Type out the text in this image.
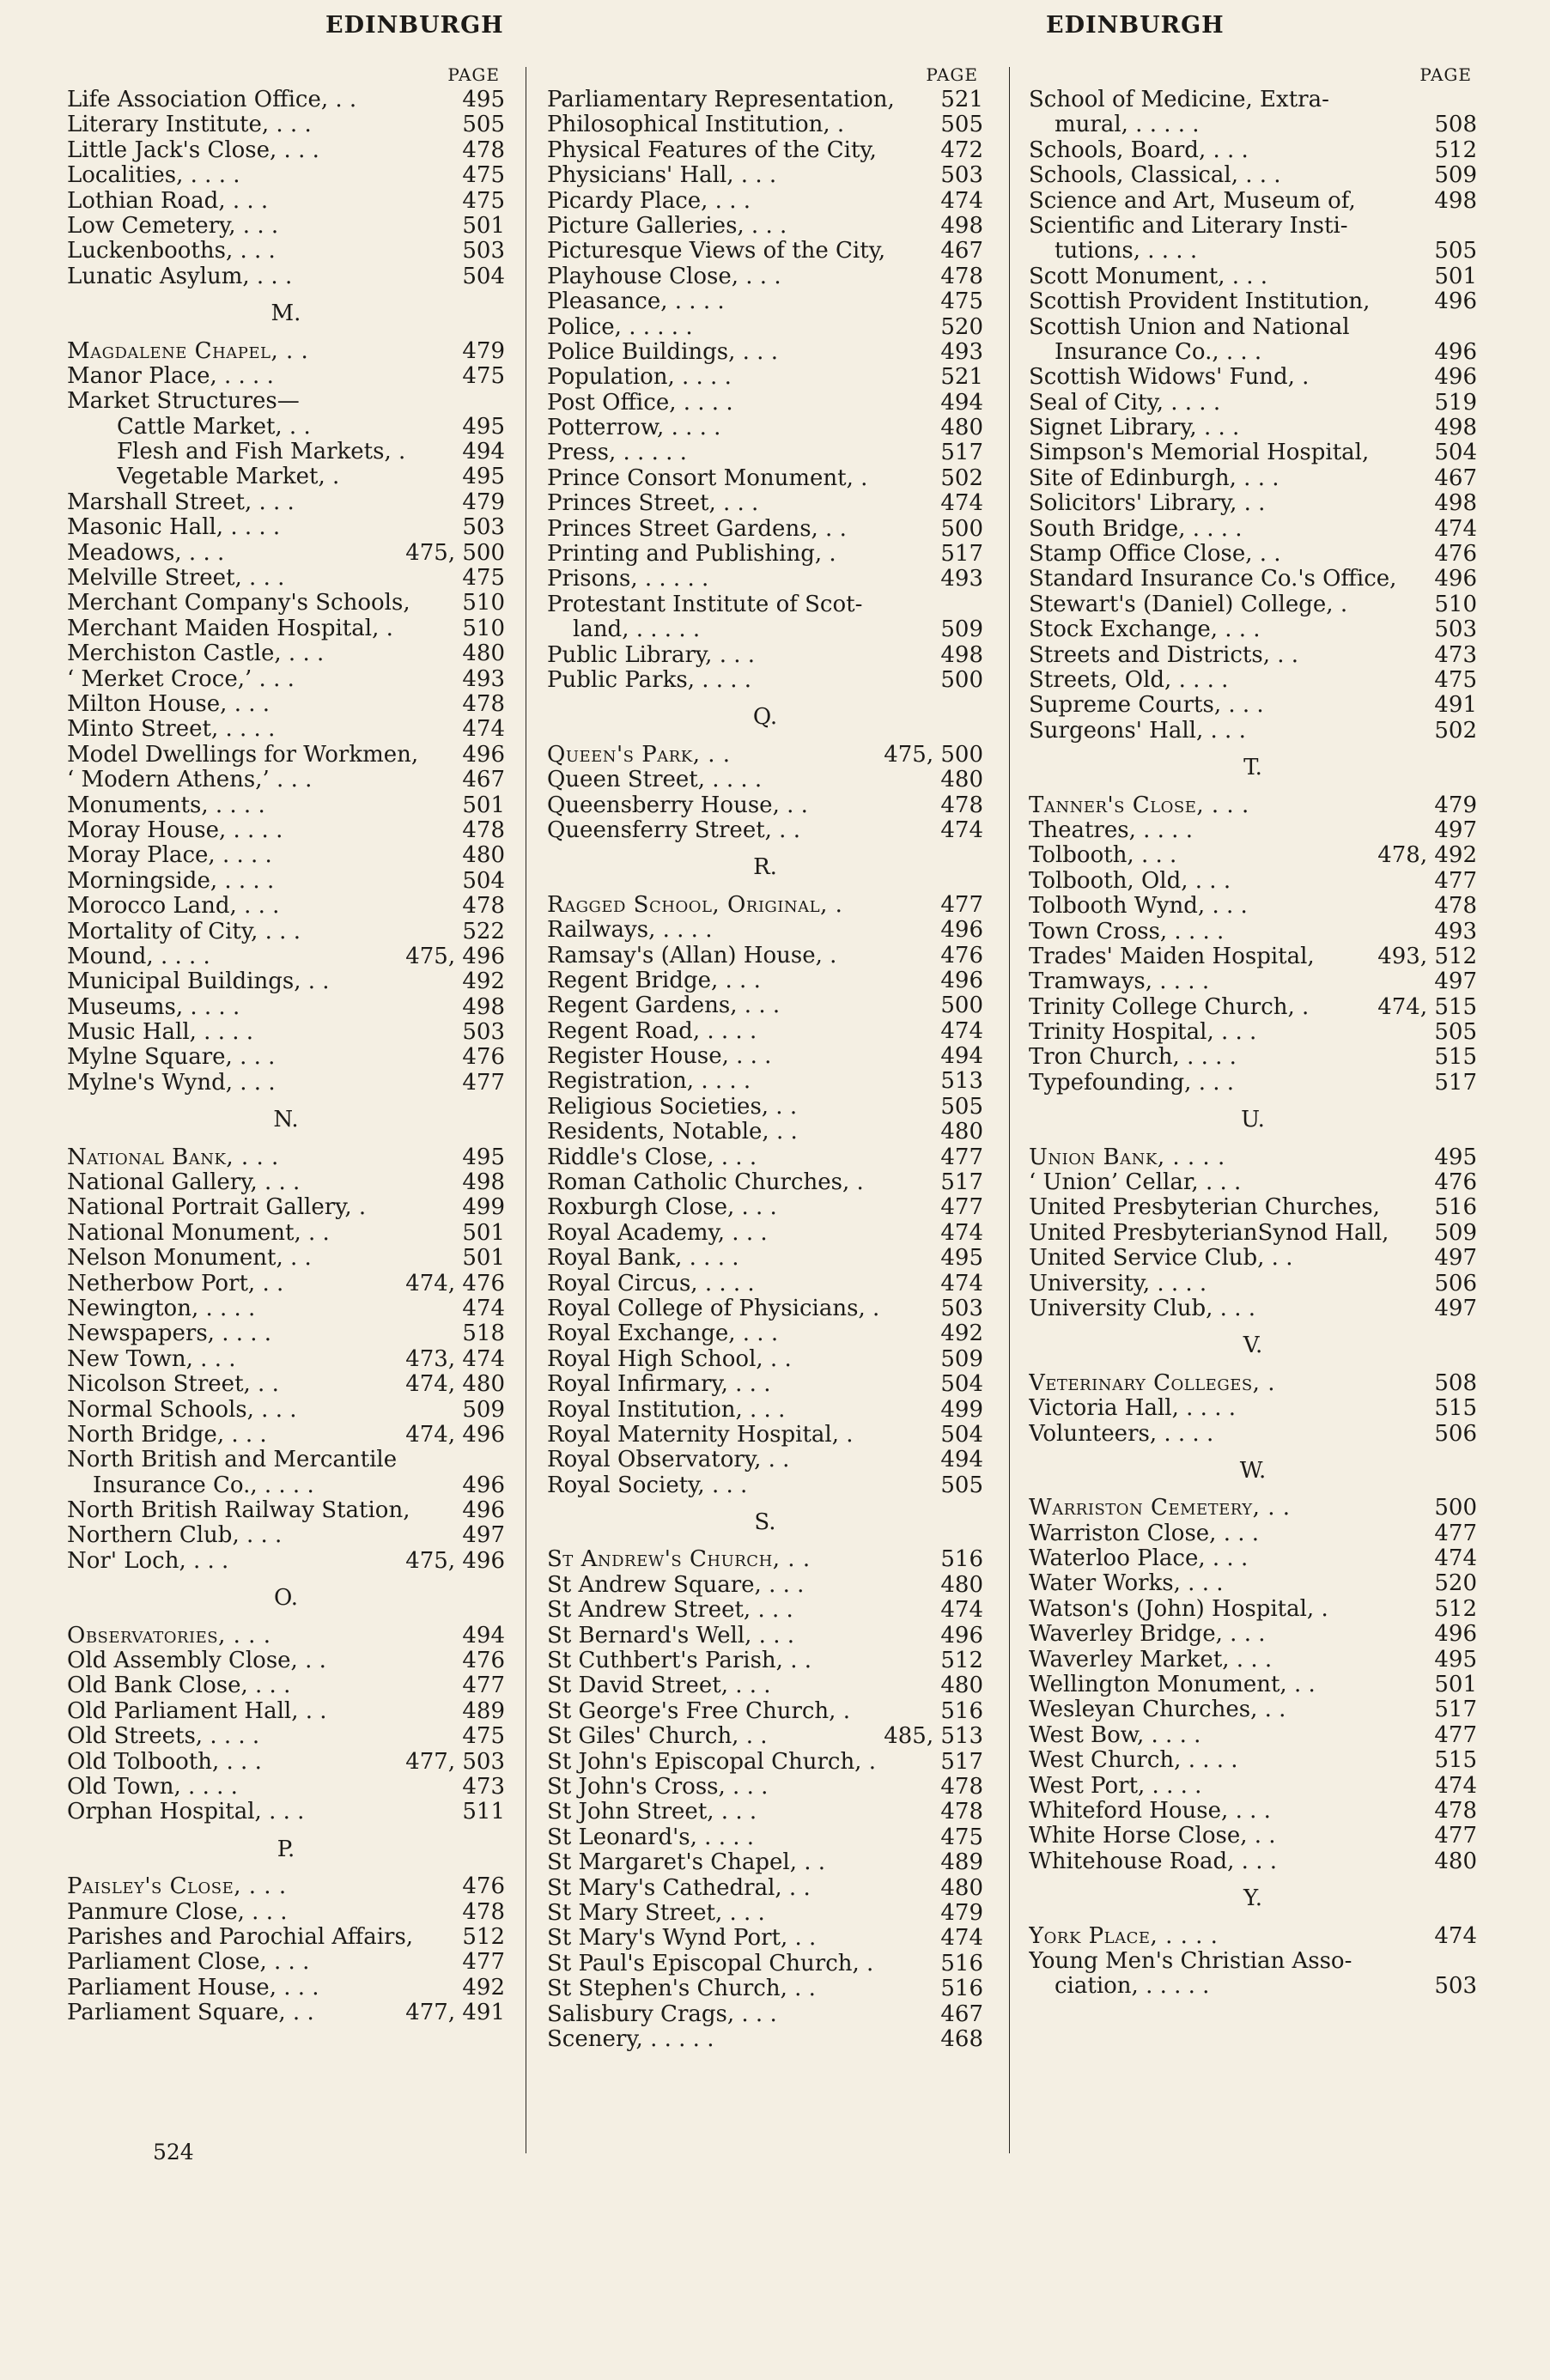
EDINBURGH	EDINBURGH
PAGE
Life Association Office, . .	495
Literary Institute, . . .	505
Little Jack's Close, . . .	478
Localities, . . . .	475
Lothian Road, . . .	475
Low Cemetery, . . .	501
Luckenbooths, . . .	503
Lunatic Asylum, . . .	504
M.
Magdalene Chapel, . .	479
Manor Place, . . . .	475
Market Structures—
Cattle Market, . .	495
Flesh and Fish Markets, .	494
Vegetable Market, .	495
Marshall Street, . . .	479
Masonic Hall, . . . .	503
Meadows, . . .	475, 500
Melville Street, . . .	475
Merchant Company's Schools,	510
Merchant Maiden Hospital, .	510
Merchiston Castle, . . .	480
‘ Merket Croce,’ . . .	493
Milton House, . . .	478
Minto Street, . . . .	474
Model Dwellings for Workmen,	496
‘ Modern Athens,’ . . .	467
Monuments, . . . .	501
Moray House, . . . .	478
Moray Place, . . . .	480
Morningside, . . . .	504
Morocco Land, . . .	478
Mortality of City, . . .	522
Mound, . . . .	475, 496
Municipal Buildings, . .	492
Museums, . . . .	498
Music Hall, . . . .	503
Mylne Square, . . .	476
Mylne's Wynd, . . .	477
N.
National Bank, . . .	495
National Gallery, . . .	498
National Portrait Gallery, .	499
National Monument, . .	501
Nelson Monument, . .	501
Netherbow Port, . .	474, 476
Newington, . . . .	474
Newspapers, . . . .	518
New Town, . . .	473, 474
Nicolson Street, . .	474, 480
Normal Schools, . . .	509
North Bridge, . . .	474, 496
North British and Mercantile
Insurance Co., . . . .	496
North British Railway Station,	496
Northern Club, . . .	497
Nor' Loch, . . .	475, 496
O.
Observatories, . . .	494
Old Assembly Close, . .	476
Old Bank Close, . . .	477
Old Parliament Hall, . .	489
Old Streets, . . . .	475
Old Tolbooth, . . .	477, 503
Old Town, . . . .	473
Orphan Hospital, . . .	511
P.
Paisley's Close, . . .	476
Panmure Close, . . .	478
Parishes and Parochial Affairs,	512
Parliament Close, . . .	477
Parliament House, . . .	492
Parliament Square, . .	477, 491
PAGE
Parliamentary Representation,	521
Philosophical Institution, .	505
Physical Features of the City,	472
Physicians' Hall, . . .	503
Picardy Place, . . .	474
Picture Galleries, . . .	498
Picturesque Views of the City,	467
Playhouse Close, . . .	478
Pleasance, . . . .	475
Police, . . . . .	520
Police Buildings, . . .	493
Population, . . . .	521
Post Office, . . . .	494
Potterrow, . . . .	480
Press, . . . . .	517
Prince Consort Monument, .	502
Princes Street, . . .	474
Princes Street Gardens, . .	500
Printing and Publishing, .	517
Prisons, . . . . .	493
Protestant Institute of Scot-
land, . . . . .	509
Public Library, . . .	498
Public Parks, . . . .	500
Q.
Queen's Park, . .	475, 500
Queen Street, . . . .	480
Queensberry House, . .	478
Queensferry Street, . .	474
R.
Ragged School, Original, .	477
Railways, . . . .	496
Ramsay's (Allan) House, .	476
Regent Bridge, . . .	496
Regent Gardens, . . .	500
Regent Road, . . . .	474
Register House, . . .	494
Registration, . . . .	513
Religious Societies, . .	505
Residents, Notable, . .	480
Riddle's Close, . . .	477
Roman Catholic Churches, .	517
Roxburgh Close, . . .	477
Royal Academy, . . .	474
Royal Bank, . . . .	495
Royal Circus, . . . .	474
Royal College of Physicians, .	503
Royal Exchange, . . .	492
Royal High School, . .	509
Royal Infirmary, . . .	504
Royal Institution, . . .	499
Royal Maternity Hospital, .	504
Royal Observatory, . .	494
Royal Society, . . .	505
S.
St Andrew's Church, . .	516
St Andrew Square, . . .	480
St Andrew Street, . . .	474
St Bernard's Well, . . .	496
St Cuthbert's Parish, . .	512
St David Street, . . .	480
St George's Free Church, .	516
St Giles' Church, . .	485, 513
St John's Episcopal Church, .	517
St John's Cross, . . .	478
St John Street, . . .	478
St Leonard's, . . . .	475
St Margaret's Chapel, . .	489
St Mary's Cathedral, . .	480
St Mary Street, . . .	479
St Mary's Wynd Port, . .	474
St Paul's Episcopal Church, .	516
St Stephen's Church, . .	516
Salisbury Crags, . . .	467
Scenery, . . . . .	468
PAGE
School of Medicine, Extra-
mural, . . . . .	508
Schools, Board, . . .	512
Schools, Classical, . . .	509
Science and Art, Museum of,	498
Scientific and Literary Insti-
tutions, . . . .	505
Scott Monument, . . .	501
Scottish Provident Institution,	496
Scottish Union and National
Insurance Co., . . .	496
Scottish Widows' Fund, .	496
Seal of City, . . . .	519
Signet Library, . . .	498
Simpson's Memorial Hospital,	504
Site of Edinburgh, . . .	467
Solicitors' Library, . .	498
South Bridge, . . . .	474
Stamp Office Close, . .	476
Standard Insurance Co.'s Office,	496
Stewart's (Daniel) College, .	510
Stock Exchange, . . .	503
Streets and Districts, . .	473
Streets, Old, . . . .	475
Supreme Courts, . . .	491
Surgeons' Hall, . . .	502
T.
Tanner's Close, . . .	479
Theatres, . . . .	497
Tolbooth, . . .	478, 492
Tolbooth, Old, . . .	477
Tolbooth Wynd, . . .	478
Town Cross, . . . .	493
Trades' Maiden Hospital,	493, 512
Tramways, . . . .	497
Trinity College Church, .	474, 515
Trinity Hospital, . . .	505
Tron Church, . . . .	515
Typefounding, . . .	517
U.
Union Bank, . . . .	495
‘ Union’ Cellar, . . .	476
United Presbyterian Churches,	516
United PresbyterianSynod Hall,	509
United Service Club, . .	497
University, . . . .	506
University Club, . . .	497
V.
Veterinary Colleges, .	508
Victoria Hall, . . . .	515
Volunteers, . . . .	506
W.
Warriston Cemetery, . .	500
Warriston Close, . . .	477
Waterloo Place, . . .	474
Water Works, . . .	520
Watson's (John) Hospital, .	512
Waverley Bridge, . . .	496
Waverley Market, . . .	495
Wellington Monument, . .	501
Wesleyan Churches, . .	517
West Bow, . . . .	477
West Church, . . . .	515
West Port, . . . .	474
Whiteford House, . . .	478
White Horse Close, . .	477
Whitehouse Road, . . .	480
Y.
York Place, . . . .	474
Young Men's Christian Asso-
ciation, . . . . .	503
524
